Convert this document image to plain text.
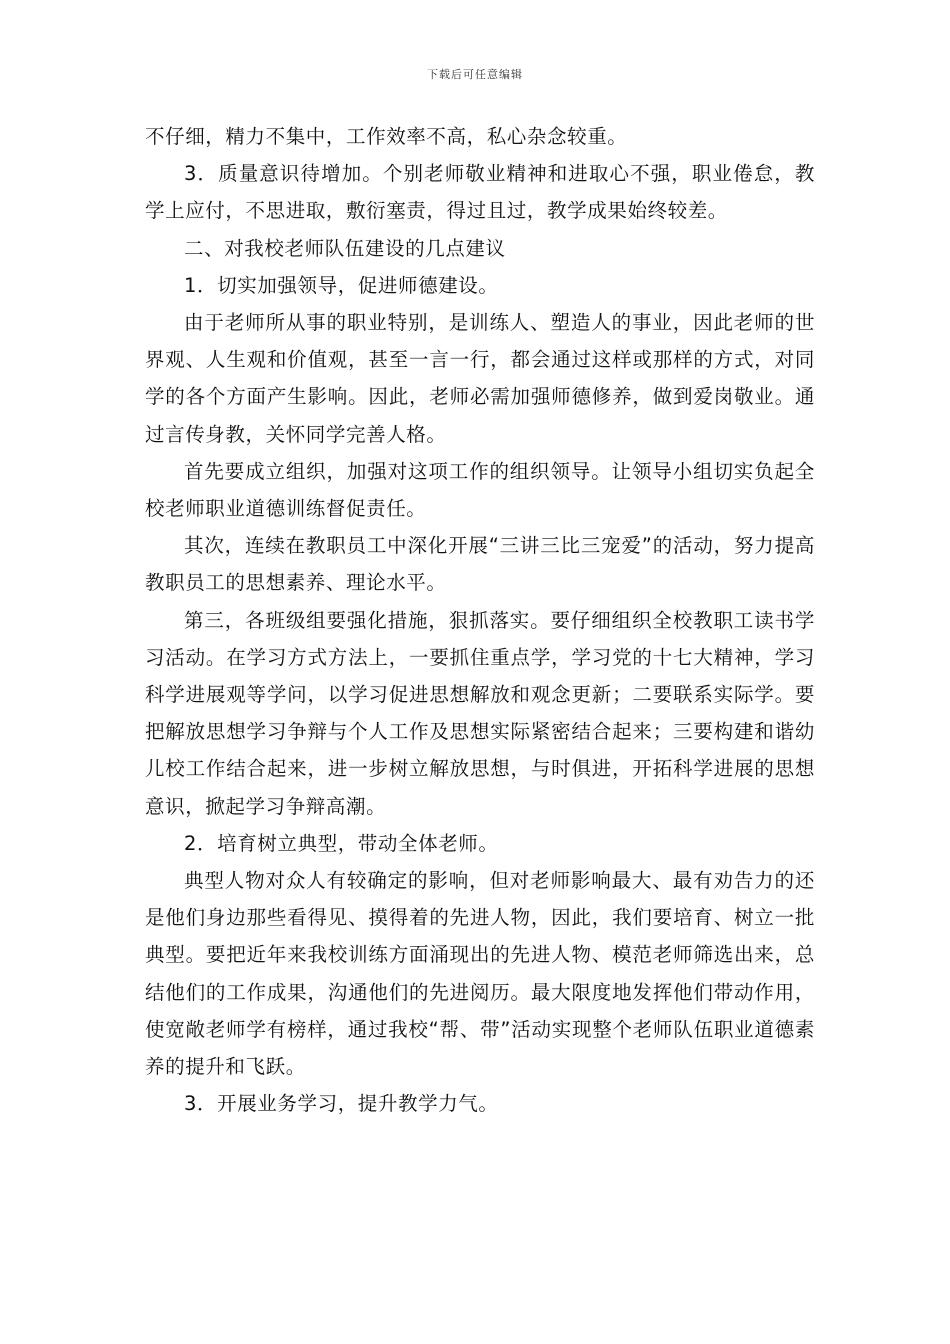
下载后可任意编辑

不仔细，精力不集中，工作效率不高，私心杂念较重。

3．质量意识待增加。个别老师敬业精神和进取心不强，职业倦怠，教学上应付，不思进取，敷衍塞责，得过且过，教学成果始终较差。

二、对我校老师队伍建设的几点建议

1．切实加强领导，促进师德建设。

由于老师所从事的职业特别，是训练人、塑造人的事业，因此老师的世界观、人生观和价值观，甚至一言一行，都会通过这样或那样的方式，对同学的各个方面产生影响。因此，老师必需加强师德修养，做到爱岗敬业。通过言传身教，关怀同学完善人格。

首先要成立组织，加强对这项工作的组织领导。让领导小组切实负起全校老师职业道德训练督促责任。

其次，连续在教职员工中深化开展“三讲三比三宠爱”的活动，努力提高教职员工的思想素养、理论水平。

第三，各班级组要强化措施，狠抓落实。要仔细组织全校教职工读书学习活动。在学习方式方法上，一要抓住重点学，学习党的十七大精神，学习科学进展观等学问，以学习促进思想解放和观念更新；二要联系实际学。要把解放思想学习争辩与个人工作及思想实际紧密结合起来；三要构建和谐幼儿校工作结合起来，进一步树立解放思想，与时俱进，开拓科学进展的思想意识，掀起学习争辩高潮。

2．培育树立典型，带动全体老师。

典型人物对众人有较确定的影响，但对老师影响最大、最有劝告力的还是他们身边那些看得见、摸得着的先进人物，因此，我们要培育、树立一批典型。要把近年来我校训练方面涌现出的先进人物、模范老师筛选出来，总结他们的工作成果，沟通他们的先进阅历。最大限度地发挥他们带动作用，使宽敞老师学有榜样，通过我校“帮、带”活动实现整个老师队伍职业道德素养的提升和飞跃。

3．开展业务学习，提升教学力气。
